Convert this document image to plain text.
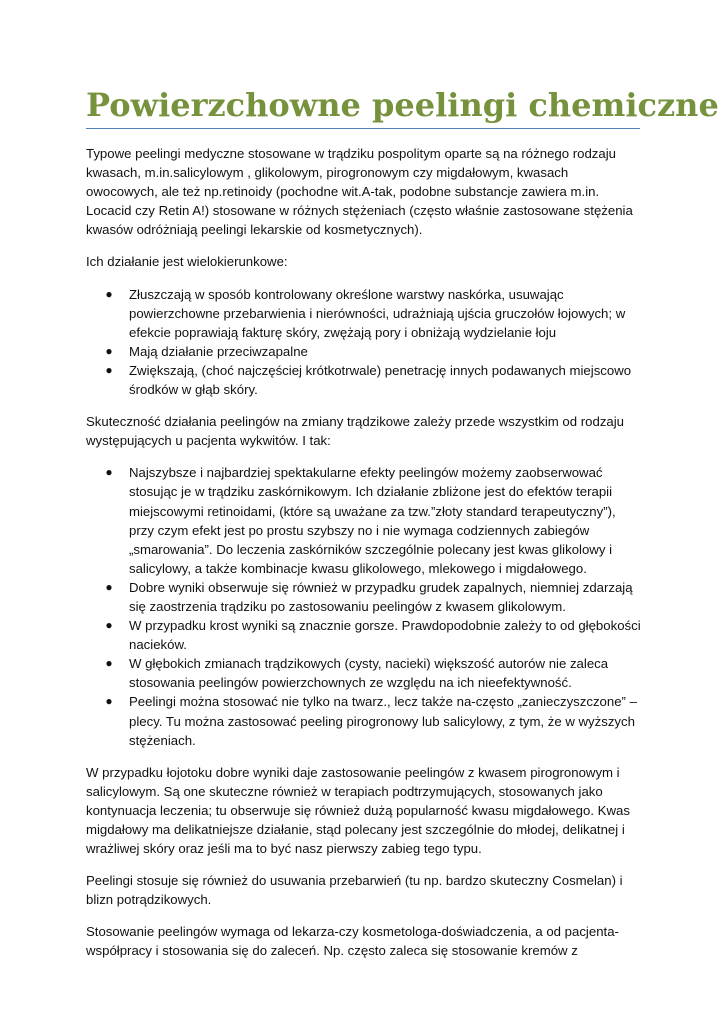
Powierzchowne peelingi chemiczne

Typowe peelingi medyczne stosowane w trądziku pospolitym oparte są na różnego rodzaju kwasach, m.in.salicylowym , glikolowym, pirogronowym czy migdałowym, kwasach owocowych, ale też np.retinoidy (pochodne wit.A-tak, podobne substancje zawiera m.in. Locacid czy Retin A!) stosowane w różnych stężeniach (często właśnie zastosowane stężenia kwasów odróżniają peelingi lekarskie od kosmetycznych).

Ich działanie jest wielokierunkowe:

● Złuszczają w sposób kontrolowany określone warstwy naskórka, usuwając powierzchowne przebarwienia i nierówności, udrażniają ujścia gruczołów łojowych; w efekcie poprawiają fakturę skóry, zwężają pory i obniżają wydzielanie łoju
● Mają działanie przeciwzapalne
● Zwiększają, (choć najczęściej krótkotrwale) penetrację innych podawanych miejscowo środków w głąb skóry.

Skuteczność działania peelingów na zmiany trądzikowe zależy przede wszystkim od rodzaju występujących u pacjenta wykwitów. I tak:

● Najszybsze i najbardziej spektakularne efekty peelingów możemy zaobserwować stosując je w trądziku zaskórnikowym. Ich działanie zbliżone jest do efektów terapii miejscowymi retinoidami, (które są uważane za tzw.”złoty standard terapeutyczny”), przy czym efekt jest po prostu szybszy no i nie wymaga codziennych zabiegów „smarowania”. Do leczenia zaskórników szczególnie polecany jest kwas glikolowy i salicylowy, a także kombinacje kwasu glikolowego, mlekowego i migdałowego.
● Dobre wyniki obserwuje się również w przypadku grudek zapalnych, niemniej zdarzają się zaostrzenia trądziku po zastosowaniu peelingów z kwasem glikolowym.
● W przypadku krost wyniki są znacznie gorsze. Prawdopodobnie zależy to od głębokości nacieków.
● W głębokich zmianach trądzikowych (cysty, nacieki) większość autorów nie zaleca stosowania peelingów powierzchownych ze względu na ich nieefektywność.
● Peelingi można stosować nie tylko na twarz., lecz także na-często „zanieczyszczone” –plecy. Tu można zastosować peeling pirogronowy lub salicylowy, z tym, że w wyższych stężeniach.

W przypadku łojotoku dobre wyniki daje zastosowanie peelingów z kwasem pirogronowym i salicylowym. Są one skuteczne również w terapiach podtrzymujących, stosowanych jako kontynuacja leczenia; tu obserwuje się również dużą popularność kwasu migdałowego. Kwas migdałowy ma delikatniejsze działanie, stąd polecany jest szczególnie do młodej, delikatnej i wrażliwej skóry oraz jeśli ma to być nasz pierwszy zabieg tego typu.

Peelingi stosuje się również do usuwania przebarwień (tu np. bardzo skuteczny Cosmelan) i blizn potrądzikowych.

Stosowanie peelingów wymaga od lekarza-czy kosmetologa-doświadczenia, a od pacjenta-współpracy i stosowania się do zaleceń. Np. często zaleca się stosowanie kremów z
